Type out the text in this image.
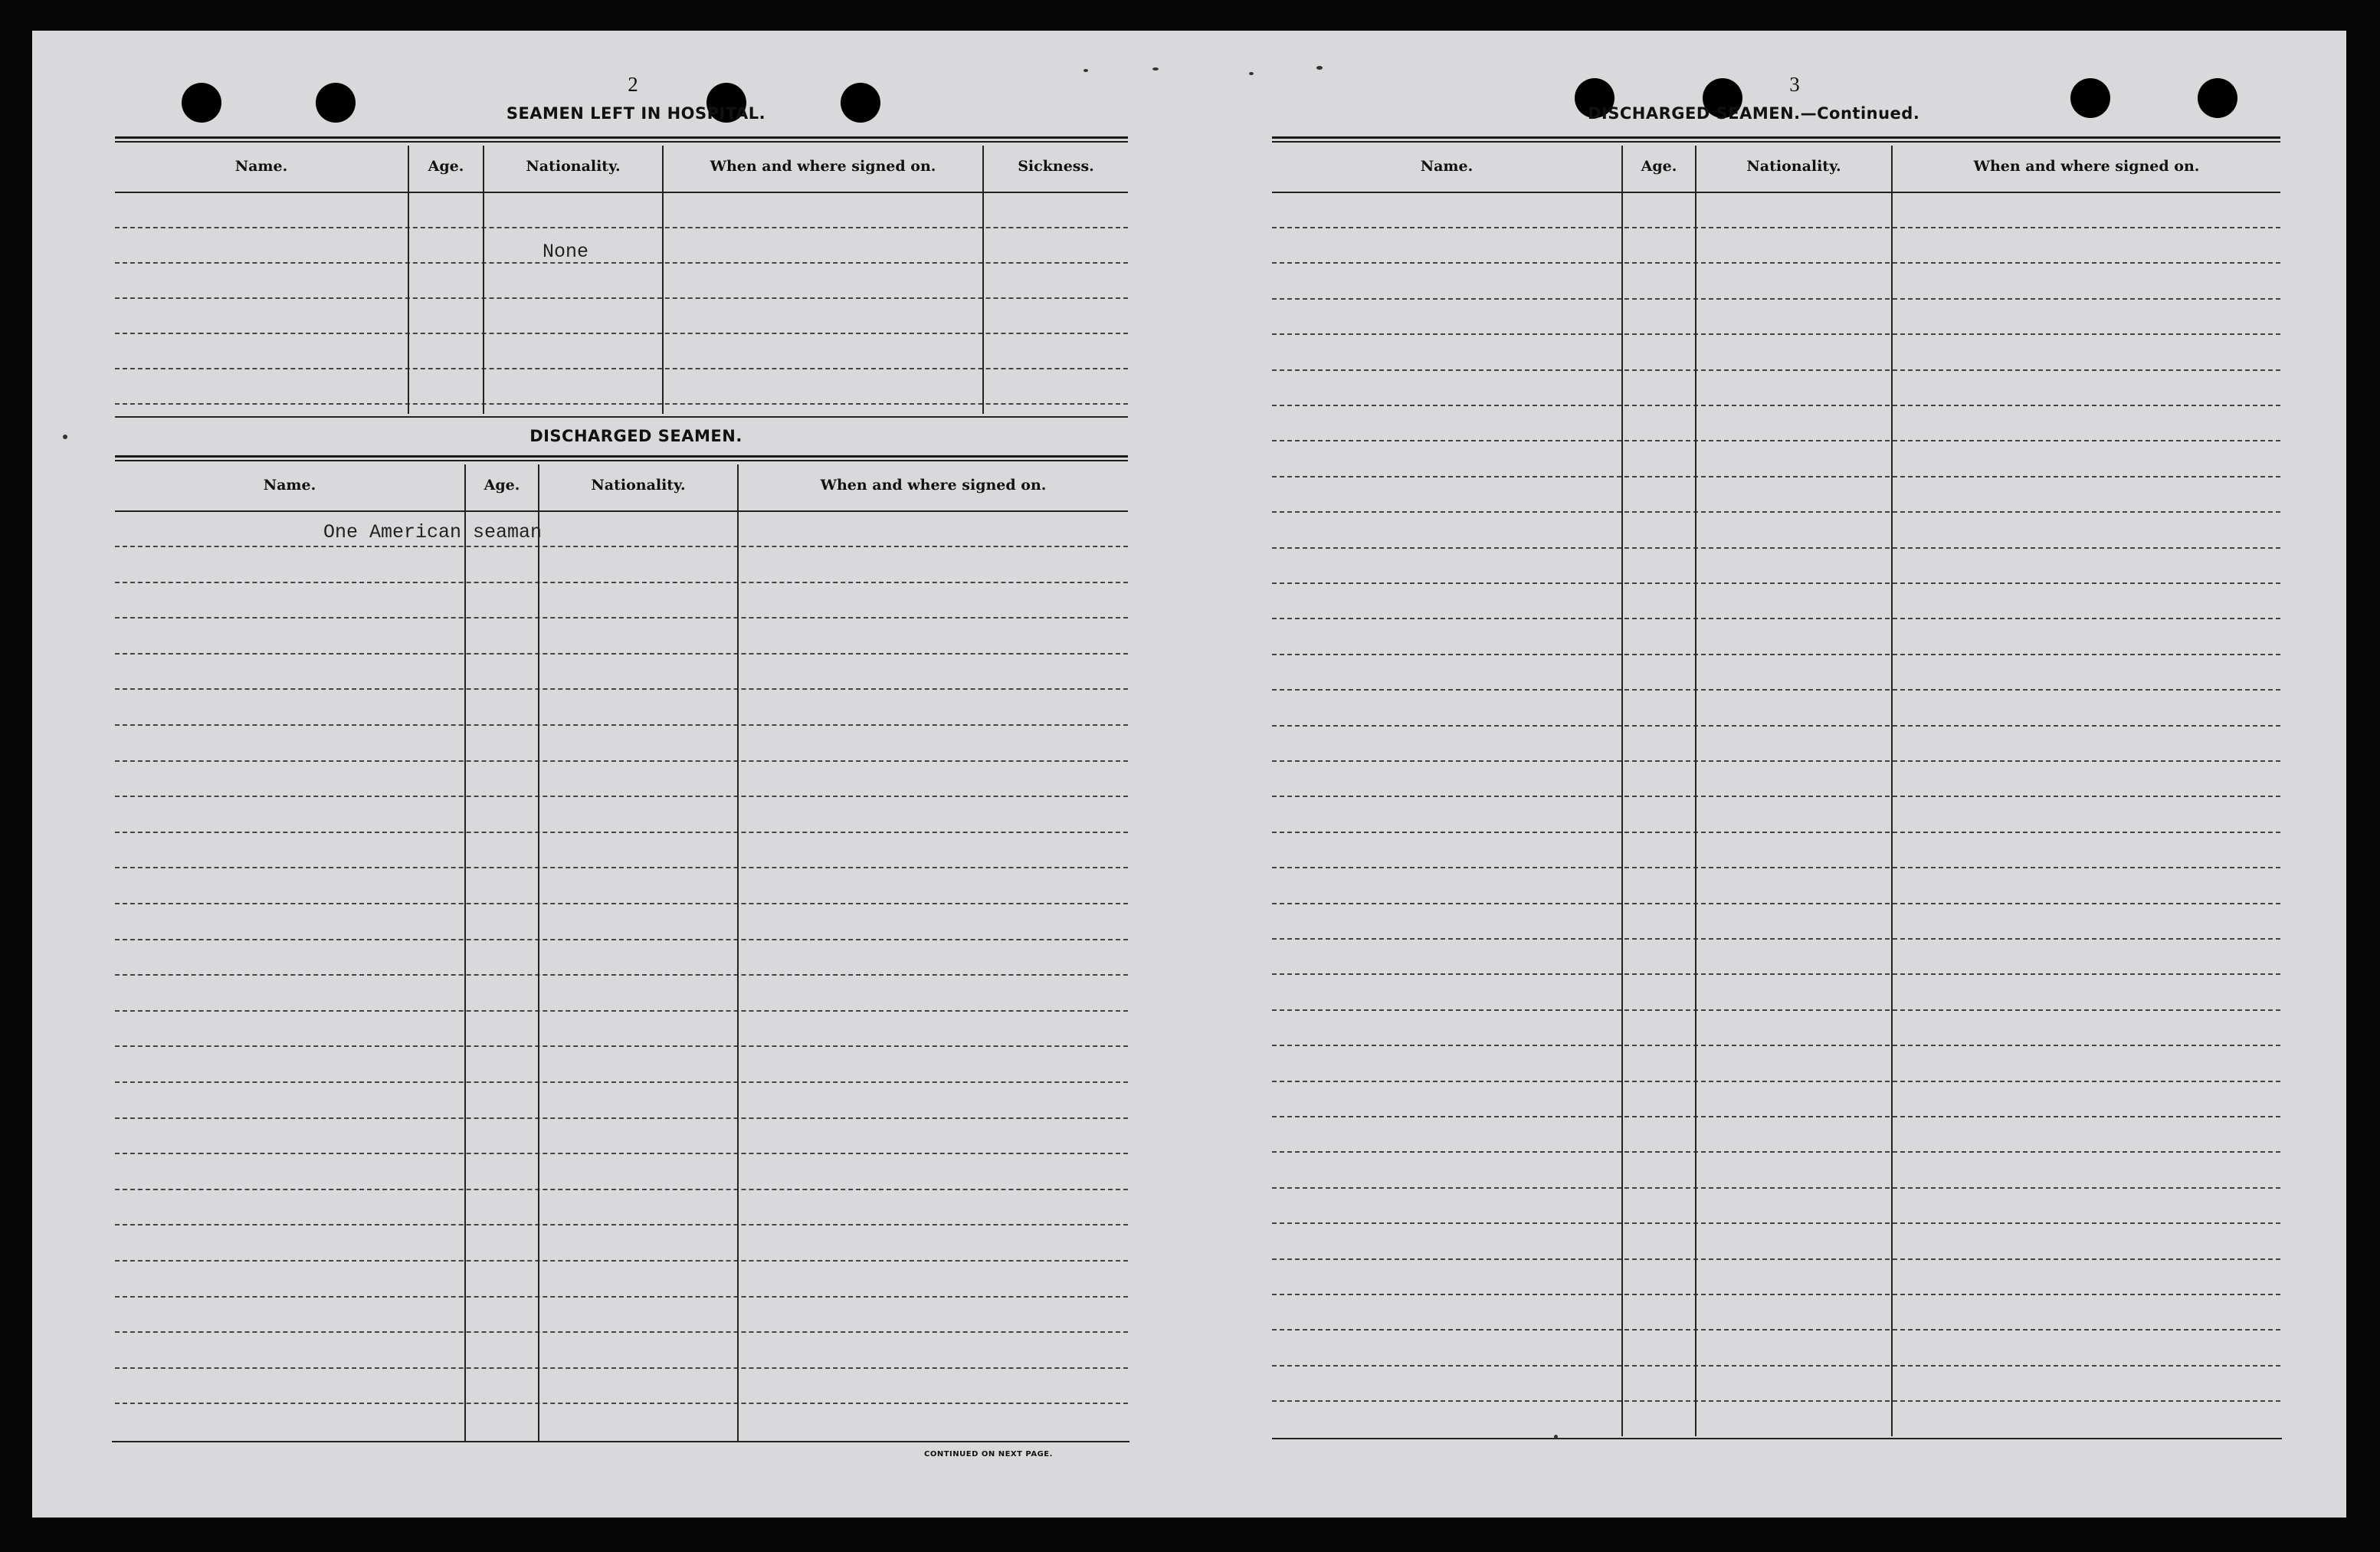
2
SEAMEN LEFT IN HOSPITAL.
Name.	Age.	Nationality.	When and where signed on.	Sickness.
None
DISCHARGED SEAMEN.
Name.	Age.	Nationality.	When and where signed on.
One American seaman
CONTINUED ON NEXT PAGE.
3
DISCHARGED SEAMEN.—Continued.
Name.	Age.	Nationality.	When and where signed on.
